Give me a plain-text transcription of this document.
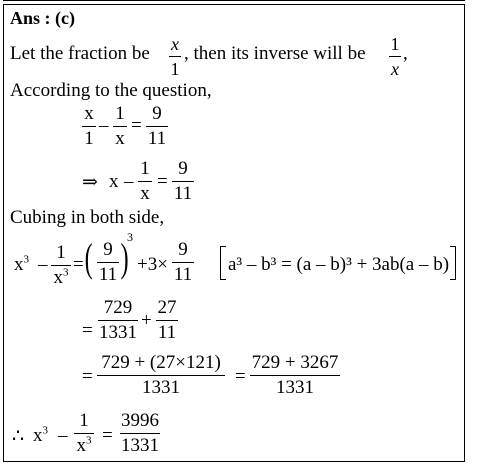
Ans : (c)
Let the fraction be x
1
, then its inverse will be 1
x
,
According to the question,
x
1
–
1
x
=
9
11
⇒ x –
1
x
=
9
11
Cubing in both side,
$x^3$ –
1
$x^3$ = ( 9
11 )
3
+3×
9
11 a³ – b³ = (a – b)³ + 3ab(a – b)
=
729
1331
+
27
11
=
729 + (27×121)
1331
=
729 + 3267
1331
∴ $x^3$ –
1
$x^3$ =
3996
1331
